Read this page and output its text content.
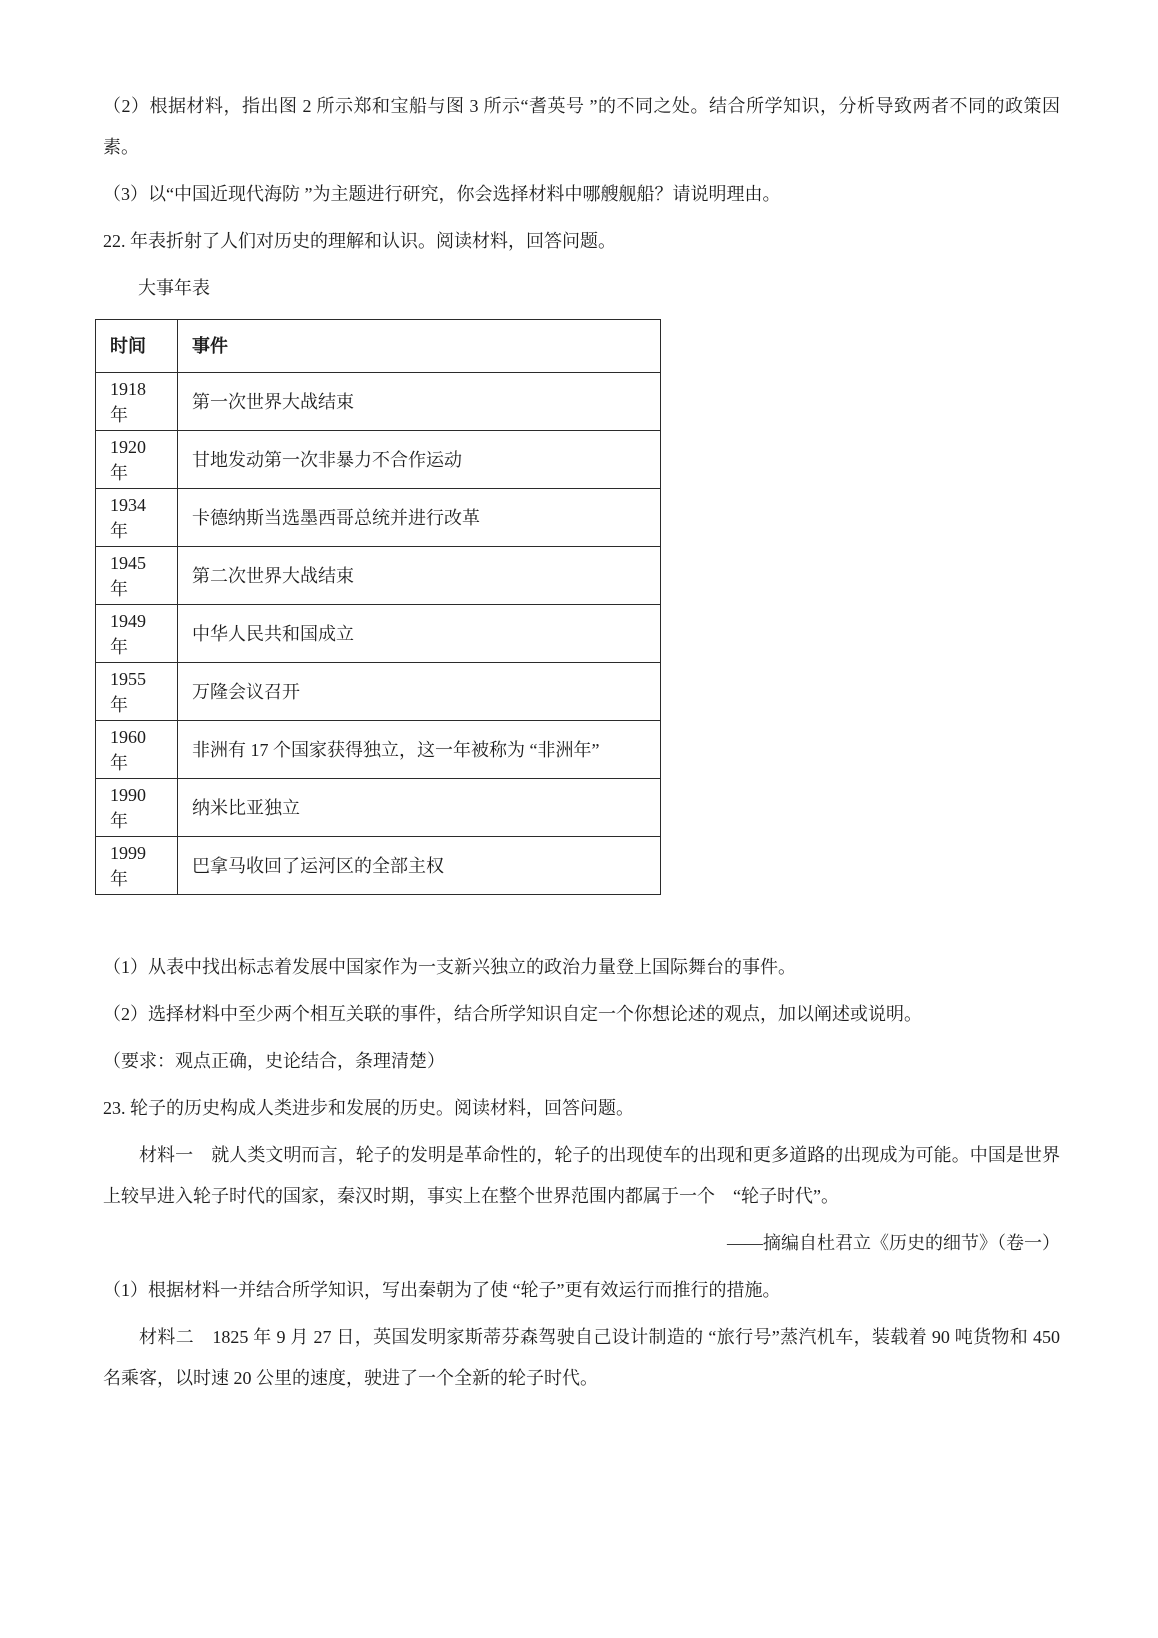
（2）根据材料，指出图 2 所示郑和宝船与图 3 所示“耆英号 ”的不同之处。结合所学知识，分析导致两者不同的政策因素。

（3）以“中国近现代海防 ”为主题进行研究，你会选择材料中哪艘舰船？请说明理由。

22. 年表折射了人们对历史的理解和认识。阅读材料，回答问题。

大事年表

时间	事件
1918 年	第一次世界大战结束
1920 年	甘地发动第一次非暴力不合作运动
1934 年	卡德纳斯当选墨西哥总统并进行改革
1945 年	第二次世界大战结束
1949 年	中华人民共和国成立
1955 年	万隆会议召开
1960 年	非洲有 17 个国家获得独立，这一年被称为 “非洲年”
1990 年	纳米比亚独立
1999 年	巴拿马收回了运河区的全部主权

（1）从表中找出标志着发展中国家作为一支新兴独立的政治力量登上国际舞台的事件。

（2）选择材料中至少两个相互关联的事件，结合所学知识自定一个你想论述的观点，加以阐述或说明。

（要求：观点正确，史论结合，条理清楚）

23. 轮子的历史构成人类进步和发展的历史。阅读材料，回答问题。

材料一　就人类文明而言，轮子的发明是革命性的，轮子的出现使车的出现和更多道路的出现成为可能。中国是世界上较早进入轮子时代的国家，秦汉时期，事实上在整个世界范围内都属于一个　“轮子时代”。

——摘编自杜君立《历史的细节》（卷一）

（1）根据材料一并结合所学知识，写出秦朝为了使 “轮子”更有效运行而推行的措施。

材料二　1825 年 9 月 27 日，英国发明家斯蒂芬森驾驶自己设计制造的 “旅行号”蒸汽机车，装载着 90 吨货物和 450 名乘客，以时速 20 公里的速度，驶进了一个全新的轮子时代。
